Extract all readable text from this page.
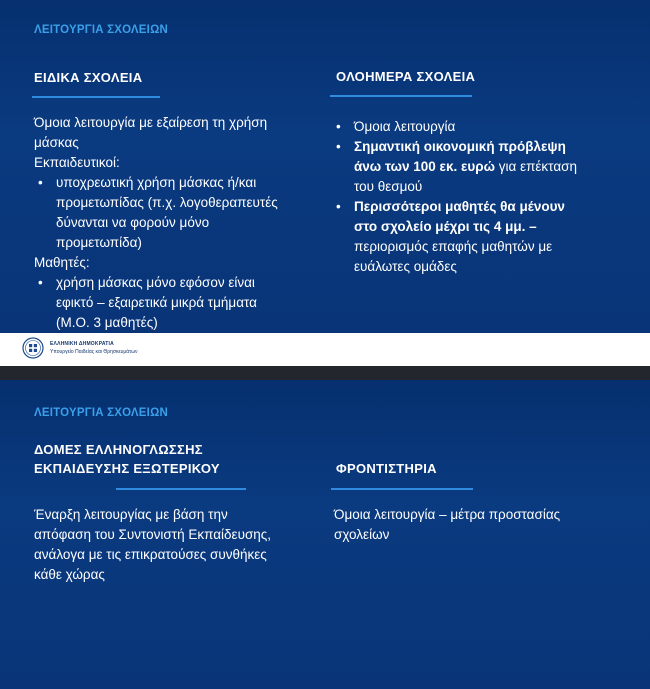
ΛΕΙΤΟΥΡΓΙΑ ΣΧΟΛΕΙΩΝ
ΕΙΔΙΚΑ ΣΧΟΛΕΙΑ

Όμοια λειτουργία με εξαίρεση τη χρήση

μάσκας

Εκπαιδευτικοί:

• υποχρεωτική χρήση μάσκας ή/και
προμετωπίδας (π.χ. λογοθεραπευτές
δύνανται να φορούν μόνο
προμετωπίδα)

Μαθητές:

• χρήση μάσκας μόνο εφόσον είναι
εφικτό – εξαιρετικά μικρά τμήματα
(Μ.Ο. 3 μαθητές)
ΟΛΟΗΜΕΡΑ ΣΧΟΛΕΙΑ
• Όμοια λειτουργία
• Σημαντική οικονομική πρόβλεψη
άνω των 100 εκ. ευρώ για επέκταση
του θεσμού
• Περισσότεροι μαθητές θα μένουν
στο σχολείο μέχρι τις 4 μμ. –
περιορισμός επαφής μαθητών με
ευάλωτες ομάδες
ΕΛΛΗΝΙΚΗ ΔΗΜΟΚΡΑΤΙΑ
Υπουργείο Παιδείας και Θρησκευμάτων
ΛΕΙΤΟΥΡΓΙΑ ΣΧΟΛΕΙΩΝ
ΔΟΜΕΣ ΕΛΛΗΝΟΓΛΩΣΣΗΣ
ΕΚΠΑΙΔΕΥΣΗΣ ΕΞΩΤΕΡΙΚΟΥ

Έναρξη λειτουργίας με βάση την

απόφαση του Συντονιστή Εκπαίδευσης,

ανάλογα με τις επικρατούσες συνθήκες

κάθε χώρας

ΦΡΟΝΤΙΣΤΗΡΙΑ

Όμοια λειτουργία – μέτρα προστασίας

σχολείων
